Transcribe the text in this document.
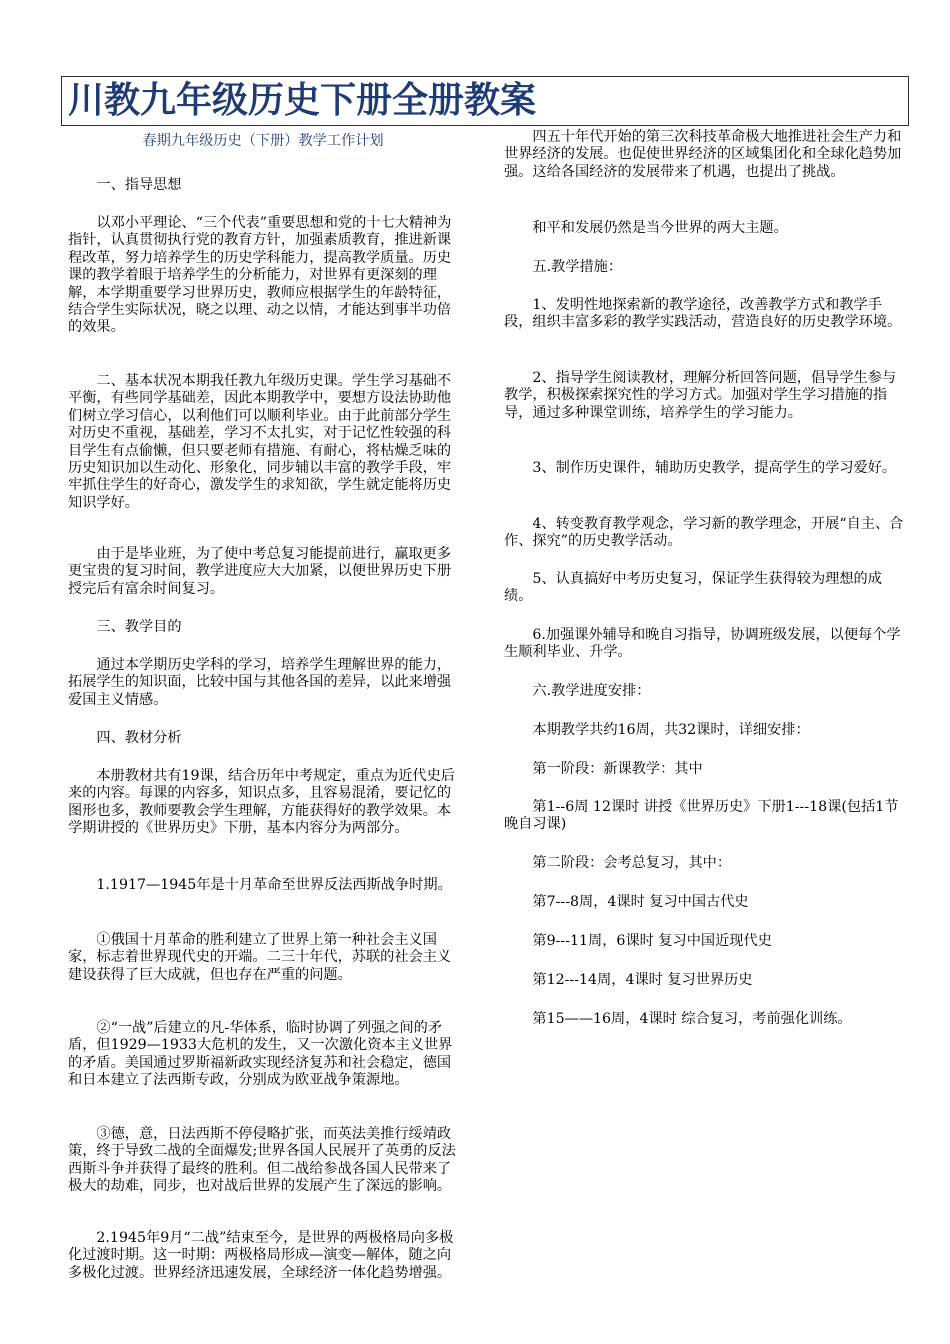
川教九年级历史下册全册教案
春期九年级历史（下册）教学工作计划

一、指导思想

以邓小平理论、“三个代表”重要思想和党的十七大精神为指针，认真贯彻执行党的教育方针，加强素质教育，推进新课程改革，努力培养学生的历史学科能力，提高教学质量。历史课的教学着眼于培养学生的分析能力，对世界有更深刻的理解，本学期重要学习世界历史，教师应根据学生的年龄特征，结合学生实际状况，晓之以理、动之以情，才能达到事半功倍的效果。

二、基本状况本期我任教九年级历史课。学生学习基础不平衡，有些同学基础差，因此本期教学中，要想方设法协助他们树立学习信心，以利他们可以顺利毕业。由于此前部分学生对历史不重视，基础差，学习不太扎实，对于记忆性较强的科目学生有点偷懒，但只要老师有措施、有耐心，将枯燥乏味的历史知识加以生动化、形象化，同步辅以丰富的教学手段，牢牢抓住学生的好奇心，激发学生的求知欲，学生就定能将历史知识学好。

由于是毕业班，为了使中考总复习能提前进行，赢取更多更宝贵的复习时间，教学进度应大大加紧，以便世界历史下册授完后有富余时间复习。

三、教学目的

通过本学期历史学科的学习，培养学生理解世界的能力，拓展学生的知识面，比较中国与其他各国的差异，以此来增强爱国主义情感。

四、教材分析

本册教材共有19课，结合历年中考规定，重点为近代史后来的内容。每课的内容多，知识点多，且容易混淆，要记忆的图形也多，教师要教会学生理解，方能获得好的教学效果。本学期讲授的《世界历史》下册，基本内容分为两部分。

1.1917—1945年是十月革命至世界反法西斯战争时期。

①俄国十月革命的胜利建立了世界上第一种社会主义国家，标志着世界现代史的开端。二三十年代，苏联的社会主义建设获得了巨大成就，但也存在严重的问题。

②“一战”后建立的凡-华体系，临时协调了列强之间的矛盾，但1929—1933大危机的发生，又一次激化资本主义世界的矛盾。美国通过罗斯福新政实现经济复苏和社会稳定，德国和日本建立了法西斯专政，分别成为欧亚战争策源地。

③德，意，日法西斯不停侵略扩张，而英法美推行绥靖政策，终于导致二战的全面爆发;世界各国人民展开了英勇的反法西斯斗争并获得了最终的胜利。但二战给参战各国人民带来了极大的劫难，同步，也对战后世界的发展产生了深远的影响。

2.1945年9月“二战”结束至今，是世界的两极格局向多极化过渡时期。这一时期：两极格局形成—演变—解体，随之向多极化过渡。世界经济迅速发展，全球经济一体化趋势增强。

四五十年代开始的第三次科技革命极大地推进社会生产力和世界经济的发展。也促使世界经济的区域集团化和全球化趋势加强。这给各国经济的发展带来了机遇，也提出了挑战。

和平和发展仍然是当今世界的两大主题。

五.教学措施：

1、发明性地探索新的教学途径，改善教学方式和教学手段，组织丰富多彩的教学实践活动，营造良好的历史教学环境。

2、指导学生阅读教材，理解分析回答问题，倡导学生参与教学，积极探索探究性的学习方式。加强对学生学习措施的指导，通过多种课堂训练，培养学生的学习能力。

3、制作历史课件，辅助历史教学，提高学生的学习爱好。

4、转变教育教学观念，学习新的教学理念，开展“自主、合作、探究”的历史教学活动。

5、认真搞好中考历史复习，保证学生获得较为理想的成绩。

6.加强课外辅导和晚自习指导，协调班级发展，以便每个学生顺利毕业、升学。

六.教学进度安排：

本期教学共约16周，共32课时，详细安排：

第一阶段：新课教学：其中

第1--6周 12课时 讲授《世界历史》下册1---18课(包括1节晚自习课)

第二阶段：会考总复习，其中：

第7---8周，4课时 复习中国古代史

第9---11周，6课时 复习中国近现代史

第12---14周，4课时 复习世界历史

第15——16周，4课时 综合复习，考前强化训练。
